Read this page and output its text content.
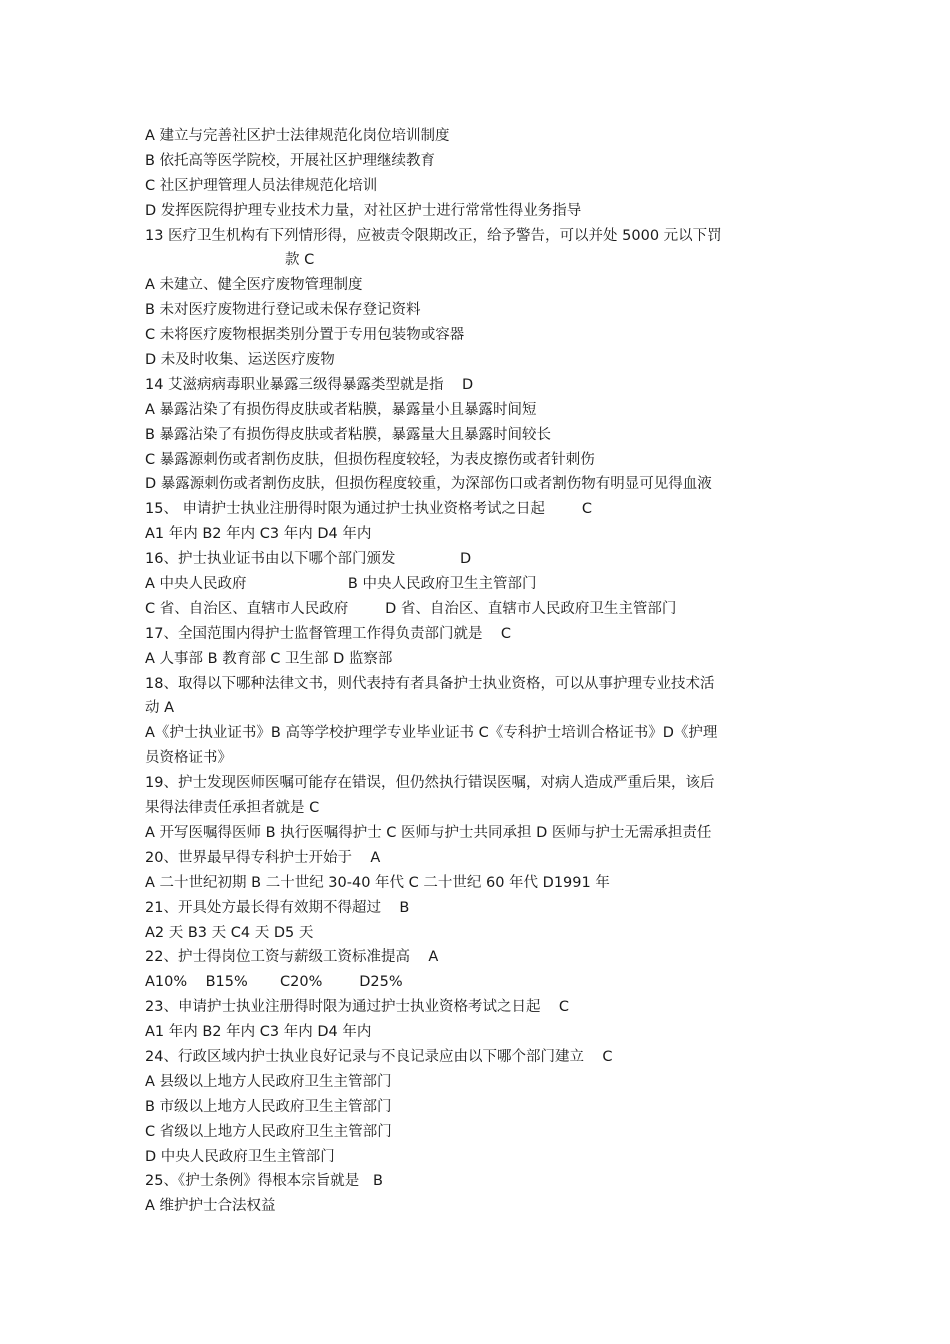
A 建立与完善社区护士法律规范化岗位培训制度
B 依托高等医学院校，开展社区护理继续教育
C 社区护理管理人员法律规范化培训
D 发挥医院得护理专业技术力量，对社区护士进行常常性得业务指导
13 医疗卫生机构有下列情形得，应被责令限期改正，给予警告，可以并处 5000 元以下罚
款 C
A 未建立、健全医疗废物管理制度
B 未对医疗废物进行登记或未保存登记资料
C 未将医疗废物根据类别分置于专用包装物或容器
D 未及时收集、运送医疗废物
14 艾滋病病毒职业暴露三级得暴露类型就是指    D
A 暴露沾染了有损伤得皮肤或者粘膜，暴露量小且暴露时间短
B 暴露沾染了有损伤得皮肤或者粘膜，暴露量大且暴露时间较长
C 暴露源刺伤或者割伤皮肤，但损伤程度较轻，为表皮擦伤或者针刺伤
D 暴露源刺伤或者割伤皮肤，但损伤程度较重，为深部伤口或者割伤物有明显可见得血液
15、 申请护士执业注册得时限为通过护士执业资格考试之日起        C
A1 年内 B2 年内 C3 年内 D4 年内
16、护士执业证书由以下哪个部门颁发              D
A 中央人民政府                      B 中央人民政府卫生主管部门
C 省、自治区、直辖市人民政府        D 省、自治区、直辖市人民政府卫生主管部门
17、全国范围内得护士监督管理工作得负责部门就是    C
A 人事部 B 教育部 C 卫生部 D 监察部
18、取得以下哪种法律文书，则代表持有者具备护士执业资格，可以从事护理专业技术活
动 A
A《护士执业证书》B 高等学校护理学专业毕业证书 C《专科护士培训合格证书》D《护理
员资格证书》
19、护士发现医师医嘱可能存在错误，但仍然执行错误医嘱，对病人造成严重后果，该后
果得法律责任承担者就是 C
A 开写医嘱得医师 B 执行医嘱得护士 C 医师与护士共同承担 D 医师与护士无需承担责任
20、世界最早得专科护士开始于    A
A 二十世纪初期 B 二十世纪 30-40 年代 C 二十世纪 60 年代 D1991 年
21、开具处方最长得有效期不得超过    B
A2 天 B3 天 C4 天 D5 天
22、护士得岗位工资与薪级工资标准提高    A
A10%    B15%       C20%        D25%
23、申请护士执业注册得时限为通过护士执业资格考试之日起    C
A1 年内 B2 年内 C3 年内 D4 年内
24、行政区域内护士执业良好记录与不良记录应由以下哪个部门建立    C
A 县级以上地方人民政府卫生主管部门
B 市级以上地方人民政府卫生主管部门
C 省级以上地方人民政府卫生主管部门
D 中央人民政府卫生主管部门
25、《护士条例》得根本宗旨就是   B
A 维护护士合法权益
